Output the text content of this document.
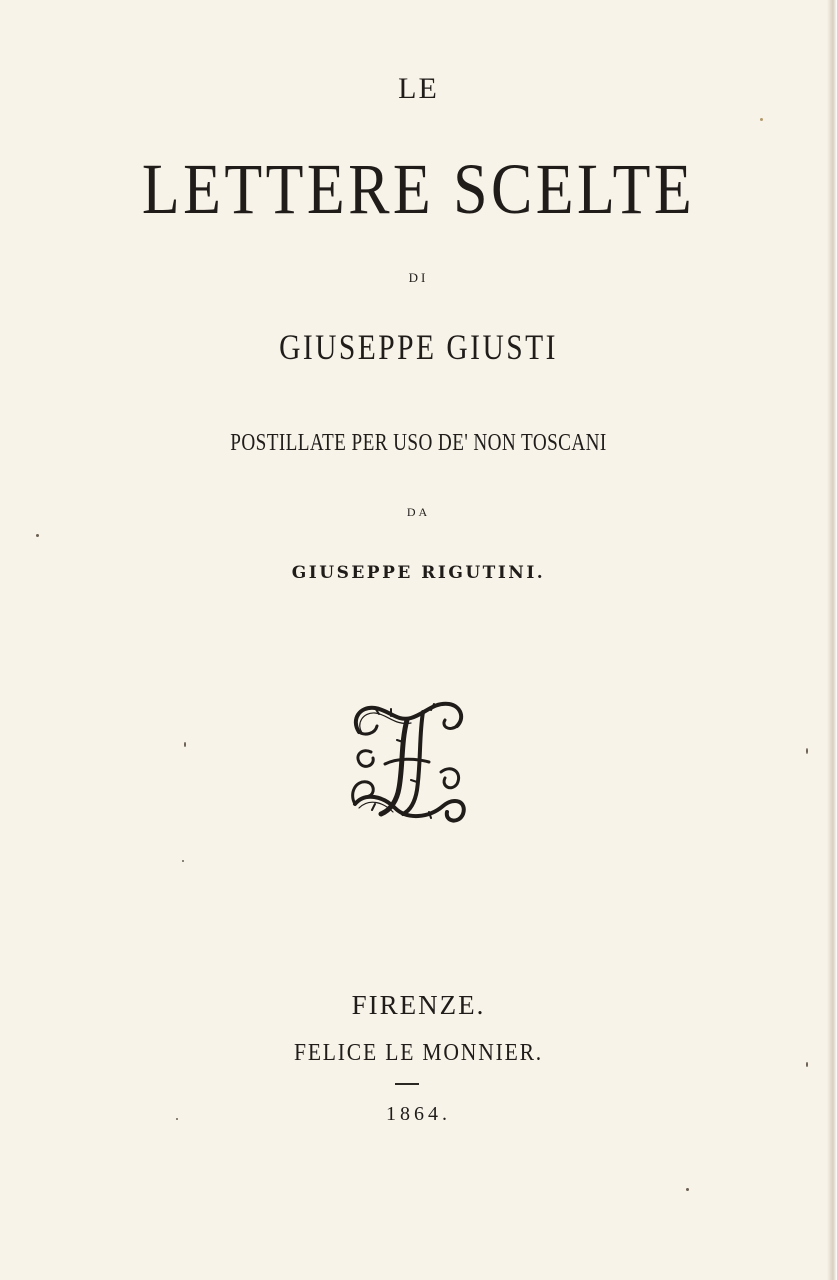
LE

LETTERE SCELTE

DI

GIUSEPPE GIUSTI

POSTILLATE PER USO DE' NON TOSCANI

DA

GIUSEPPE RIGUTINI.

FIRENZE.

FELICE LE MONNIER.

1864.
